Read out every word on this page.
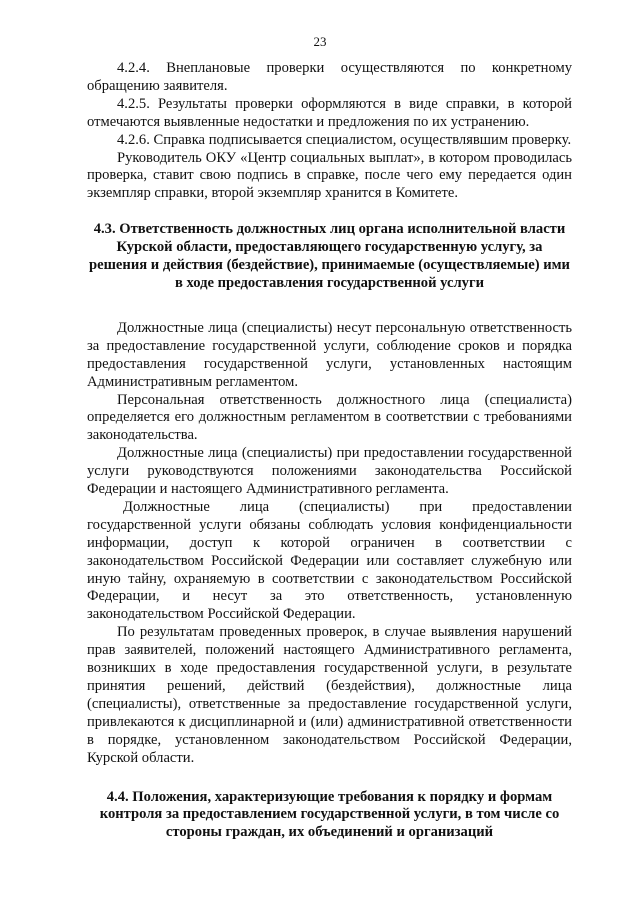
23

4.2.4. Внеплановые проверки осуществляются по конкретному обращению заявителя.

4.2.5. Результаты проверки оформляются в виде справки, в которой отмечаются выявленные недостатки и предложения по их устранению.

4.2.6. Справка подписывается специалистом, осуществлявшим проверку.

Руководитель ОКУ «Центр социальных выплат», в котором проводилась проверка, ставит свою подпись в справке, после чего ему передается один экземпляр справки, второй экземпляр хранится в Комитете.

4.3. Ответственность должностных лиц органа исполнительной власти Курской области, предоставляющего государственную услугу, за решения и действия (бездействие), принимаемые (осуществляемые) ими в ходе предоставления государственной услуги

Должностные лица (специалисты) несут персональную ответственность за предоставление государственной услуги, соблюдение сроков и порядка предоставления государственной услуги, установленных настоящим Административным регламентом.

Персональная ответственность должностного лица (специалиста) определяется его должностным регламентом в соответствии с требованиями законодательства.

Должностные лица (специалисты) при предоставлении государственной услуги руководствуются положениями законодательства Российской Федерации и настоящего Административного регламента.

Должностные лица (специалисты) при предоставлении государственной услуги обязаны соблюдать условия конфиденциальности информации, доступ к которой ограничен в соответствии с законодательством Российской Федерации или составляет служебную или иную тайну, охраняемую в соответствии с законодательством Российской Федерации, и несут за это ответственность, установленную законодательством Российской Федерации.

По результатам проведенных проверок, в случае выявления нарушений прав заявителей, положений настоящего Административного регламента, возникших в ходе предоставления государственной услуги, в результате принятия решений, действий (бездействия), должностные лица (специалисты), ответственные за предоставление государственной услуги, привлекаются к дисциплинарной и (или) административной ответственности в порядке, установленном законодательством Российской Федерации, Курской области.

4.4. Положения, характеризующие требования к порядку и формам контроля за предоставлением государственной услуги, в том числе со стороны граждан, их объединений и организаций
